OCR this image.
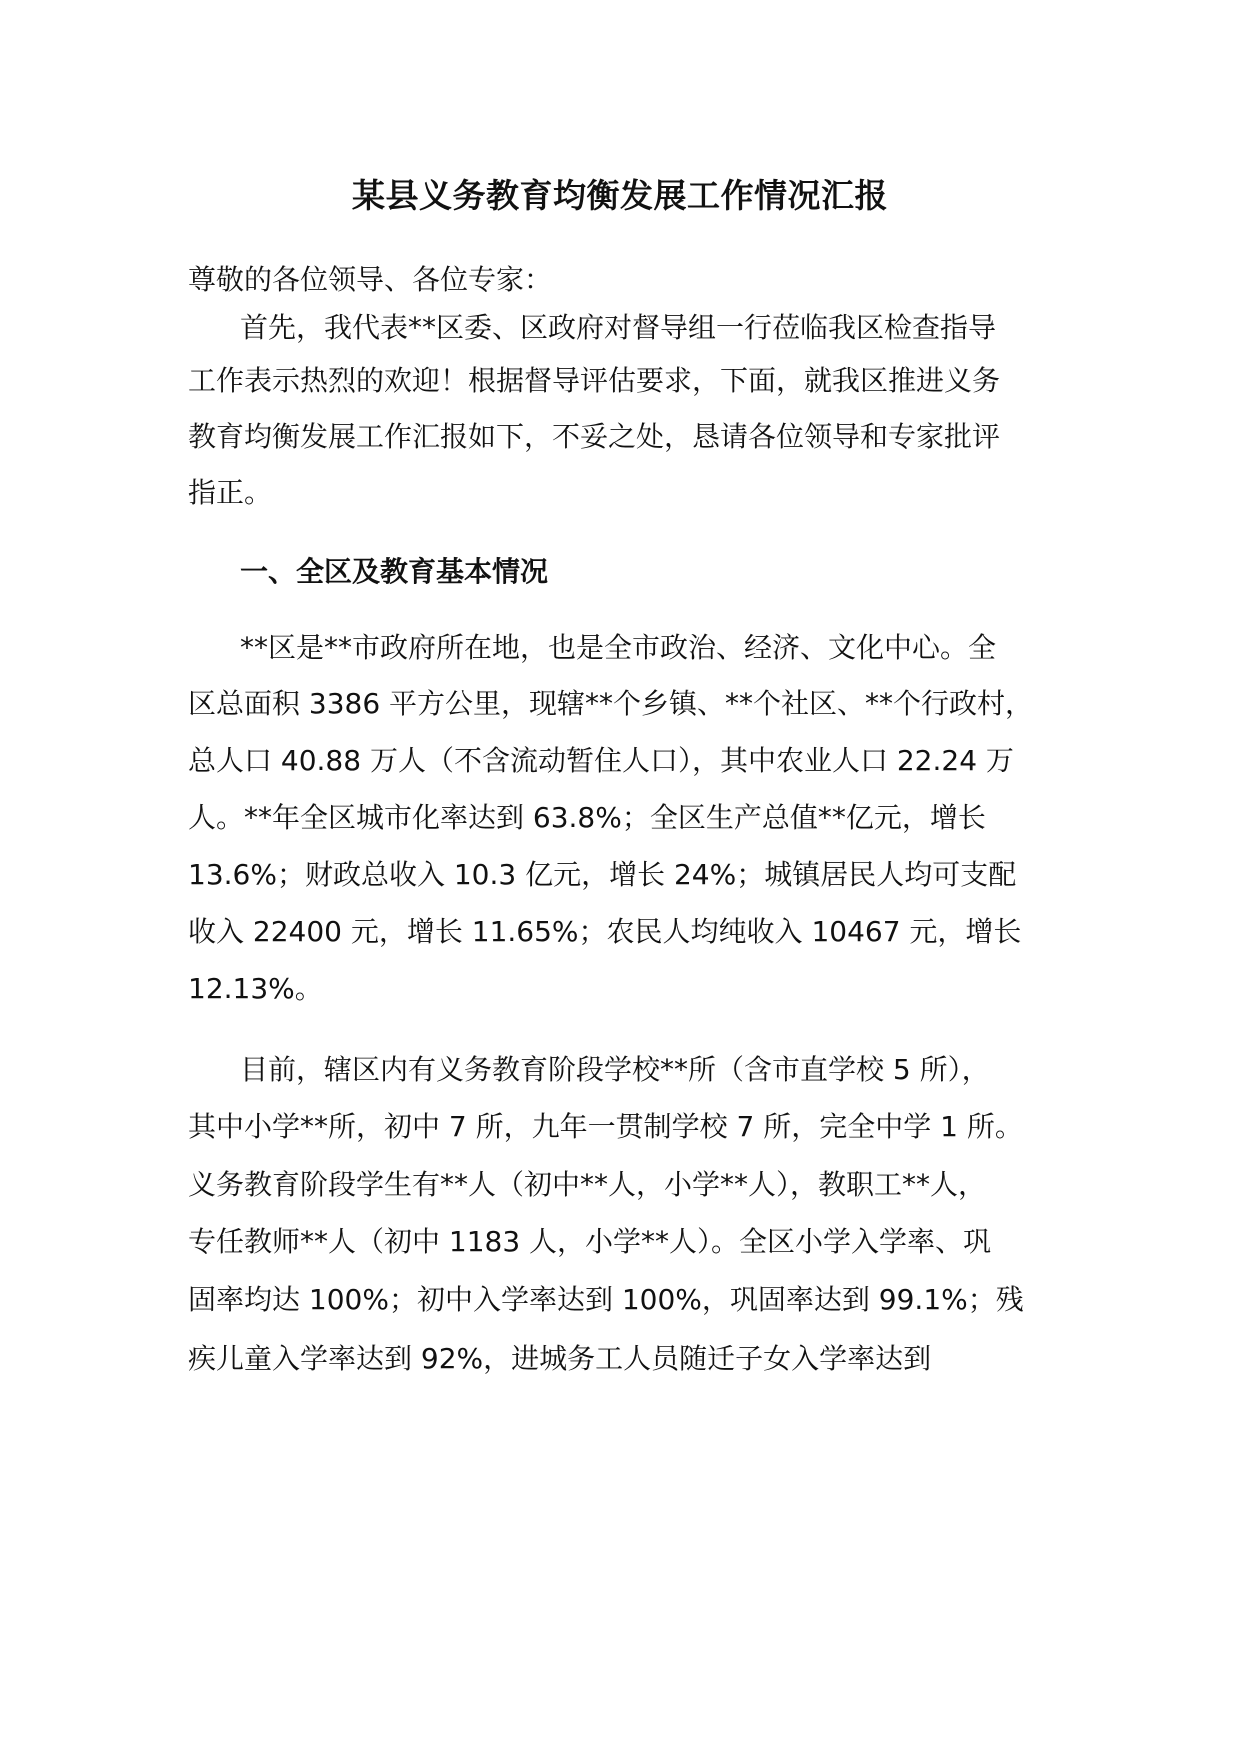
某县义务教育均衡发展工作情况汇报
尊敬的各位领导、各位专家：
首先，我代表**区委、区政府对督导组一行莅临我区检查指导
工作表示热烈的欢迎！根据督导评估要求，下面，就我区推进义务
教育均衡发展工作汇报如下，不妥之处，恳请各位领导和专家批评
指正。
一、全区及教育基本情况
**区是**市政府所在地，也是全市政治、经济、文化中心。全
区总面积 3386 平方公里，现辖**个乡镇、**个社区、**个行政村，
总人口 40.88 万人（不含流动暂住人口），其中农业人口 22.24 万
人。**年全区城市化率达到 63.8%；全区生产总值**亿元，增长
13.6%；财政总收入 10.3 亿元，增长 24%；城镇居民人均可支配
收入 22400 元，增长 11.65%；农民人均纯收入 10467 元，增长
12.13%。
目前，辖区内有义务教育阶段学校**所（含市直学校 5 所），
其中小学**所，初中 7 所，九年一贯制学校 7 所，完全中学 1 所。
义务教育阶段学生有**人（初中**人，小学**人），教职工**人，
专任教师**人（初中 1183 人，小学**人）。全区小学入学率、巩
固率均达 100%；初中入学率达到 100%，巩固率达到 99.1%；残
疾儿童入学率达到 92%，进城务工人员随迁子女入学率达到
